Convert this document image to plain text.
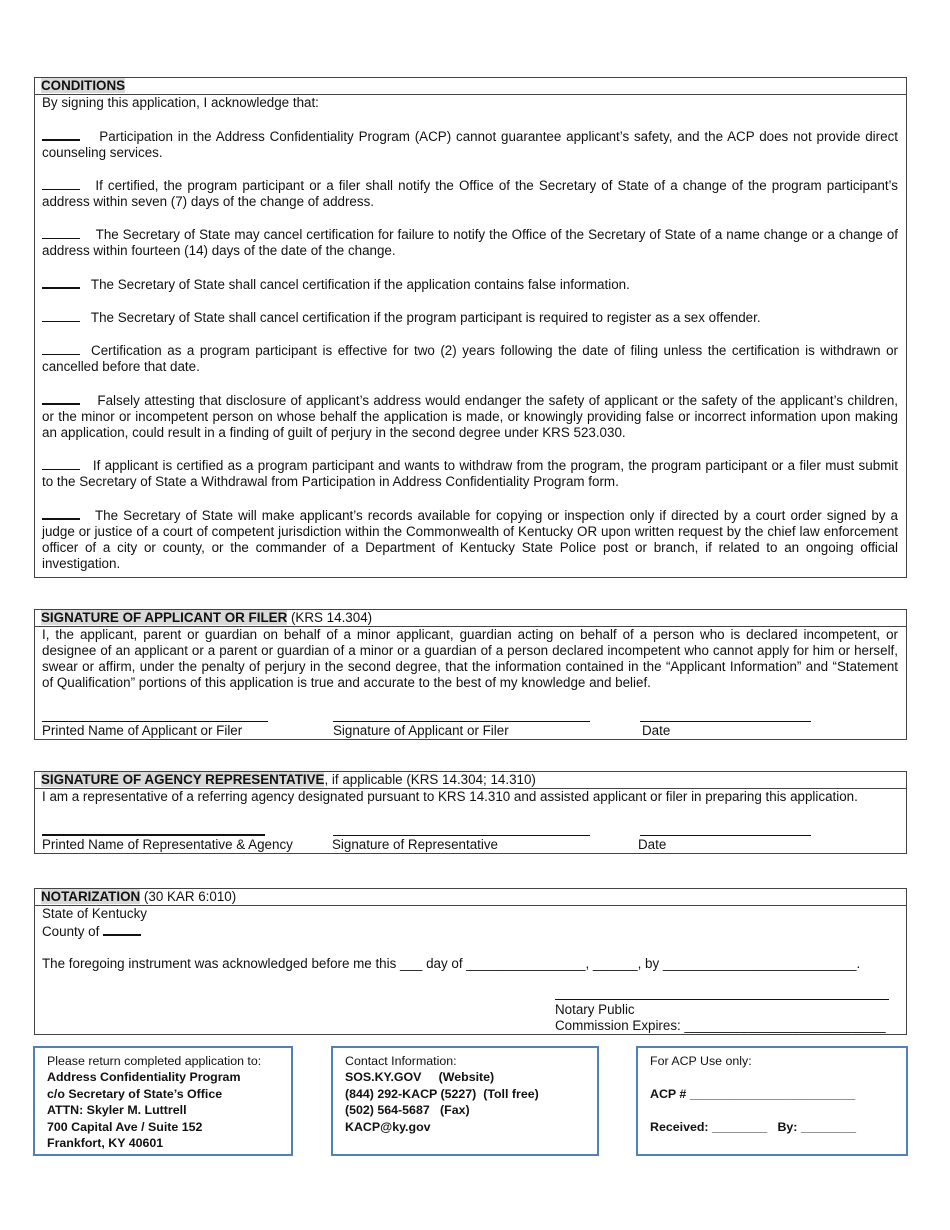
CONDITIONS

By signing this application, I acknowledge that:

Participation in the Address Confidentiality Program (ACP) cannot guarantee applicant’s safety, and the ACP does not provide direct counseling services.

If certified, the program participant or a filer shall notify the Office of the Secretary of State of a change of the program participant’s address within seven (7) days of the change of address.

The Secretary of State may cancel certification for failure to notify the Office of the Secretary of State of a name change or a change of address within fourteen (14) days of the date of the change.

The Secretary of State shall cancel certification if the application contains false information.

The Secretary of State shall cancel certification if the program participant is required to register as a sex offender.

Certification as a program participant is effective for two (2) years following the date of filing unless the certification is withdrawn or cancelled before that date.

Falsely attesting that disclosure of applicant’s address would endanger the safety of applicant or the safety of the applicant’s children, or the minor or incompetent person on whose behalf the application is made, or knowingly providing false or incorrect information upon making an application, could result in a finding of guilt of perjury in the second degree under KRS 523.030.

If applicant is certified as a program participant and wants to withdraw from the program, the program participant or a filer must submit to the Secretary of State a Withdrawal from Participation in Address Confidentiality Program form.

The Secretary of State will make applicant’s records available for copying or inspection only if directed by a court order signed by a judge or justice of a court of competent jurisdiction within the Commonwealth of Kentucky OR upon written request by the chief law enforcement officer of a city or county, or the commander of a Department of Kentucky State Police post or branch, if related to an ongoing official investigation.

SIGNATURE OF APPLICANT OR FILER (KRS 14.304)

I, the applicant, parent or guardian on behalf of a minor applicant, guardian acting on behalf of a person who is declared incompetent, or designee of an applicant or a parent or guardian of a minor or a guardian of a person declared incompetent who cannot apply for him or herself, swear or affirm, under the penalty of perjury in the second degree, that the information contained in the “Applicant Information” and “Statement of Qualification” portions of this application is true and accurate to the best of my knowledge and belief.

Printed Name of Applicant or Filer	Signature of Applicant or Filer	Date
SIGNATURE OF AGENCY REPRESENTATIVE, if applicable (KRS 14.304; 14.310)

I am a representative of a referring agency designated pursuant to KRS 14.310 and assisted applicant or filer in preparing this application.

Printed Name of Representative & Agency	Signature of Representative	Date
NOTARIZATION (30 KAR 6:010)

State of Kentucky

County of

The foregoing instrument was acknowledged before me this ___ day of ________________, ______, by __________________________.

Notary Public
Commission Expires: ___________________________
Please return completed application to:
Address Confidentiality Program
c/o Secretary of State’s Office
ATTN: Skyler M. Luttrell
700 Capital Ave / Suite 152
Frankfort, KY 40601
Contact Information:
SOS.KY.GOV     (Website)
(844) 292-KACP (5227)  (Toll free)
(502) 564-5687   (Fax)
KACP@ky.gov
For ACP Use only:
ACP # ________________________
Received: ________   By: ________
